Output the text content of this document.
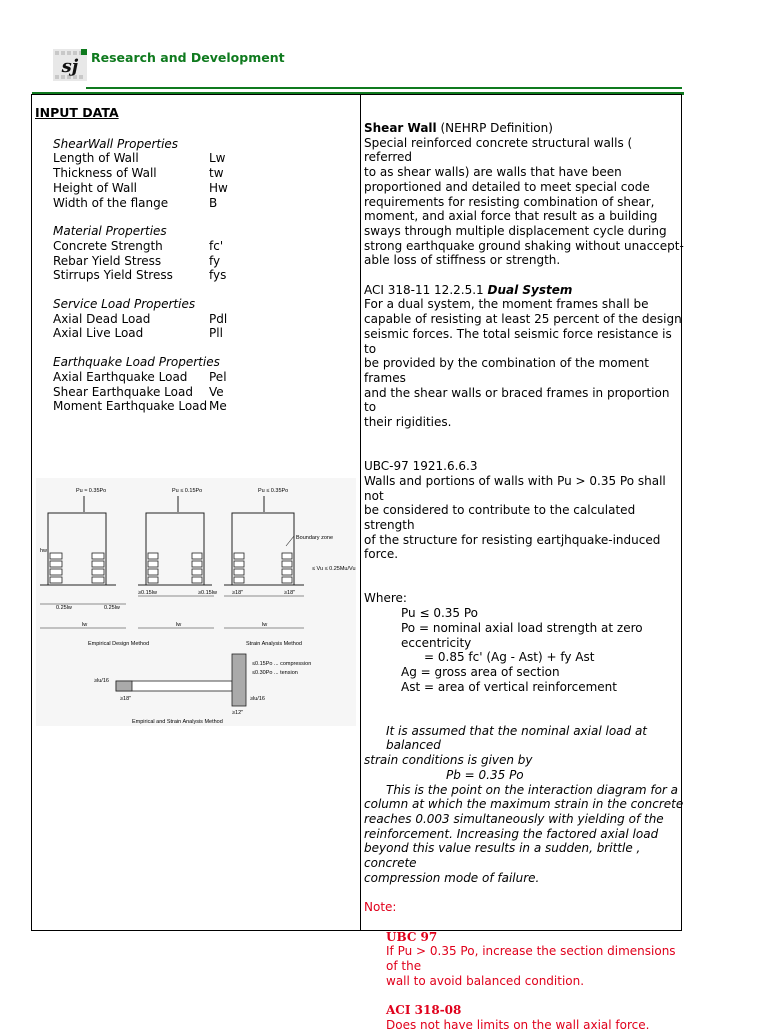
sj Research and Development
INPUT DATA
ShearWall Properties
Length of Wall	Lw
Thickness of Wall	tw
Height of Wall	Hw
Width of the flange	B
Material Properties
Concrete Strength	fc'
Rebar Yield Stress	fy
Stirrups Yield Stress	fys
Service Load Properties
Axial Dead Load	Pdl
Axial Live Load	Pll
Earthquake Load Properties
Axial Earthquake Load	Pel
Shear Earthquake Load	Ve
Moment Earthquake Load Me
Pu ≈ 0.35Po	Pu ≤ 0.15Po	Pu ≤ 0.35Po
Boundary zone
hw
≤ Vu ≤ 0.25Mu/Vu
0.25lw	0.25lw
≥0.15lw	≥0.15lw	≥18"	≥18"
lw	lw	lw
Empirical Design Method	Strain Analysis Method
≤0.15Po ... compression
≤0.30Po ... tension
≥lu/16
≥18"
≥12"
≥lu/16
Empirical and Strain Analysis Method

Shear Wall (NEHRP Definition)

Special reinforced concrete structural walls ( referred

to as shear walls) are walls that have been

proportioned and detailed to meet special code

requirements for resisting combination of shear,

moment, and axial force that result as a building

sways through multiple displacement cycle during

strong earthquake ground shaking without unaccept-

able loss of stiffness or strength.

ACI 318-11 12.2.5.1 Dual System

For a dual system, the moment frames shall be

capable of resisting at least 25 percent of the design

seismic forces. The total seismic force resistance is to

be provided by the combination of the moment frames

and the shear walls or braced frames in proportion to

their rigidities.

UBC-97 1921.6.6.3

Walls and portions of walls with Pu > 0.35 Po shall not

be considered to contribute to the calculated strength

of the structure for resisting eartjhquake-induced force.

Where:

Pu ≤ 0.35 Po

Po = nominal axial load strength at zero eccentricity

= 0.85 fc' (Ag - Ast) + fy Ast

Ag = gross area of section

Ast = area of vertical reinforcement

It is assumed that the nominal axial load at balanced

strain conditions is given by

Pb = 0.35 Po

This is the point on the interaction diagram for a

column at which the maximum strain in the concrete

reaches 0.003 simultaneously with yielding of the

reinforcement. Increasing the factored axial load

beyond this value results in a sudden, brittle , concrete

compression mode of failure.

Note:

UBC 97

If Pu > 0.35 Po, increase the section dimensions of the

wall to avoid balanced condition.

ACI 318-08

Does not have limits on the wall axial force.
